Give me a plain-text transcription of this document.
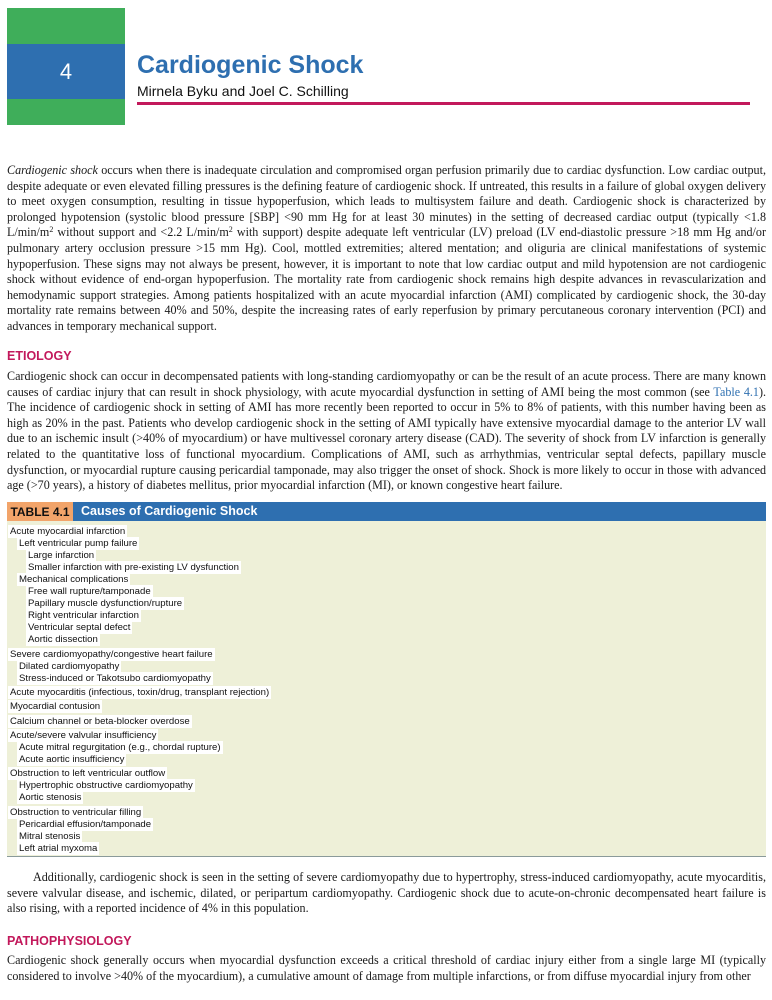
4	Cardiogenic Shock
Mirnela Byku and Joel C. Schilling

Cardiogenic shock occurs when there is inadequate circulation and compromised organ perfusion primarily due to cardiac dysfunction. Low cardiac output, despite adequate or even elevated filling pressures is the defining feature of cardiogenic shock. If untreated, this results in a failure of global oxygen delivery to meet oxygen consumption, resulting in tissue hypoperfusion, which leads to multisystem failure and death. Cardiogenic shock is characterized by prolonged hypotension (systolic blood pressure [SBP] <90 mm Hg for at least 30 minutes) in the setting of decreased cardiac output (typically <1.8 $L/\min/m^2$ without support and <2.2 $L/\min/m^2$ with support) despite adequate left ventricular (LV) preload (LV end-diastolic pressure >18 mm Hg and/or pulmonary artery occlusion pressure >15 mm Hg). Cool, mottled extremities; altered mentation; and oliguria are clinical manifestations of systemic hypoperfusion. These signs may not always be present, however, it is important to note that low cardiac output and mild hypotension are not cardiogenic shock without evidence of end-organ hypoperfusion. The mortality rate from cardiogenic shock remains high despite advances in revascularization and hemodynamic support strategies. Among patients hospitalized with an acute myocardial infarction (AMI) complicated by cardiogenic shock, the 30-day mortality rate remains between 40% and 50%, despite the increasing rates of early reperfusion by primary percutaneous coronary intervention (PCI) and advances in temporary mechanical support.

ETIOLOGY

Cardiogenic shock can occur in decompensated patients with long-standing cardiomyopathy or can be the result of an acute process. There are many known causes of cardiac injury that can result in shock physiology, with acute myocardial dysfunction in setting of AMI being the most common (see Table 4.1). The incidence of cardiogenic shock in setting of AMI has more recently been reported to occur in 5% to 8% of patients, with this number having been as high as 20% in the past. Patients who develop cardiogenic shock in the setting of AMI typically have extensive myocardial damage to the anterior LV wall due to an ischemic insult (>40% of myocardium) or have multivessel coronary artery disease (CAD). The severity of shock from LV infarction is generally related to the quantitative loss of functional myocardium. Complications of AMI, such as arrhythmias, ventricular septal defects, papillary muscle dysfunction, or myocardial rupture causing pericardial tamponade, may also trigger the onset of shock. Shock is more likely to occur in those with advanced age (>70 years), a history of diabetes mellitus, prior myocardial infarction (MI), or known congestive heart failure.

TABLE 4.1 Causes of Cardiogenic Shock
Acute myocardial infarction
Left ventricular pump failure
Large infarction
Smaller infarction with pre-existing LV dysfunction
Mechanical complications
Free wall rupture/tamponade
Papillary muscle dysfunction/rupture
Right ventricular infarction
Ventricular septal defect
Aortic dissection
Severe cardiomyopathy/congestive heart failure
Dilated cardiomyopathy
Stress-induced or Takotsubo cardiomyopathy
Acute myocarditis (infectious, toxin/drug, transplant rejection)
Myocardial contusion
Calcium channel or beta-blocker overdose
Acute/severe valvular insufficiency
Acute mitral regurgitation (e.g., chordal rupture)
Acute aortic insufficiency
Obstruction to left ventricular outflow
Hypertrophic obstructive cardiomyopathy
Aortic stenosis
Obstruction to ventricular filling
Pericardial effusion/tamponade
Mitral stenosis
Left atrial myxoma

Additionally, cardiogenic shock is seen in the setting of severe cardiomyopathy due to hypertrophy, stress-induced cardiomyopathy, acute myocarditis, severe valvular disease, and ischemic, dilated, or peripartum cardiomyopathy. Cardiogenic shock due to acute-on-chronic decompensated heart failure is also rising, with a reported incidence of 4% in this population.

PATHOPHYSIOLOGY

Cardiogenic shock generally occurs when myocardial dysfunction exceeds a critical threshold of cardiac injury either from a single large MI (typically considered to involve >40% of the myocardium), a cumulative amount of damage from multiple infarctions, or from diffuse myocardial injury from other
